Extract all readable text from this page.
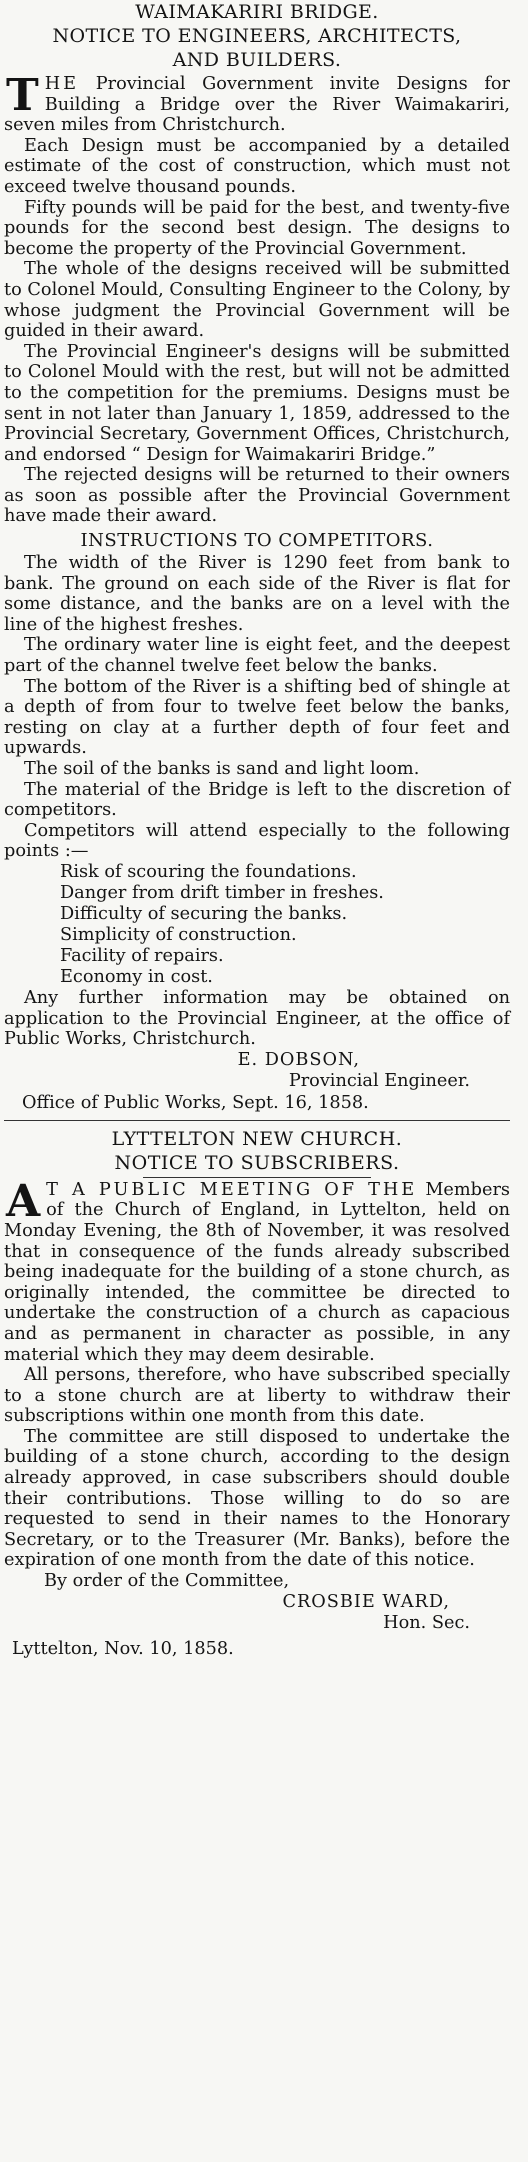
WAIMAKARIRI BRIDGE.
NOTICE TO ENGINEERS, ARCHITECTS,
AND BUILDERS.

THE Provincial Government invite Designs for Building a Bridge over the River Waimakariri, seven miles from Christchurch.

Each Design must be accompanied by a detailed estimate of the cost of construction, which must not exceed twelve thousand pounds.

Fifty pounds will be paid for the best, and twenty-five pounds for the second best design. The designs to become the property of the Provincial Government.

The whole of the designs received will be submitted to Colonel Mould, Consulting Engineer to the Colony, by whose judgment the Provincial Government will be guided in their award.

The Provincial Engineer's designs will be submitted to Colonel Mould with the rest, but will not be admitted to the competition for the premiums. Designs must be sent in not later than January 1, 1859, addressed to the Provincial Secretary, Government Offices, Christchurch, and endorsed “ Design for Waimakariri Bridge.”

The rejected designs will be returned to their owners as soon as possible after the Provincial Government have made their award.

INSTRUCTIONS TO COMPETITORS.

The width of the River is 1290 feet from bank to bank. The ground on each side of the River is flat for some distance, and the banks are on a level with the line of the highest freshes.

The ordinary water line is eight feet, and the deepest part of the channel twelve feet below the banks.

The bottom of the River is a shifting bed of shingle at a depth of from four to twelve feet below the banks, resting on clay at a further depth of four feet and upwards.

The soil of the banks is sand and light loom.

The material of the Bridge is left to the discretion of competitors.

Competitors will attend especially to the following points :—

Risk of scouring the foundations.
Danger from drift timber in freshes.
Difficulty of securing the banks.
Simplicity of construction.
Facility of repairs.
Economy in cost.

Any further information may be obtained on application to the Provincial Engineer, at the office of Public Works, Christchurch.

E. DOBSON,
Provincial Engineer.
Office of Public Works, Sept. 16, 1858.
LYTTELTON NEW CHURCH.
NOTICE TO SUBSCRIBERS.

A T A PUBLIC MEETING OF THE Members of the Church of England, in Lyttelton, held on Monday Evening, the 8th of November, it was resolved that in consequence of the funds already subscribed being inadequate for the building of a stone church, as originally intended, the committee be directed to undertake the construction of a church as capacious and as permanent in character as possible, in any material which they may deem desirable.

All persons, therefore, who have subscribed specially to a stone church are at liberty to withdraw their subscriptions within one month from this date.

The committee are still disposed to undertake the building of a stone church, according to the design already approved, in case subscribers should double their contributions. Those willing to do so are requested to send in their names to the Honorary Secretary, or to the Treasurer (Mr. Banks), before the expiration of one month from the date of this notice.

By order of the Committee,
CROSBIE WARD,
Hon. Sec.
Lyttelton, Nov. 10, 1858.
